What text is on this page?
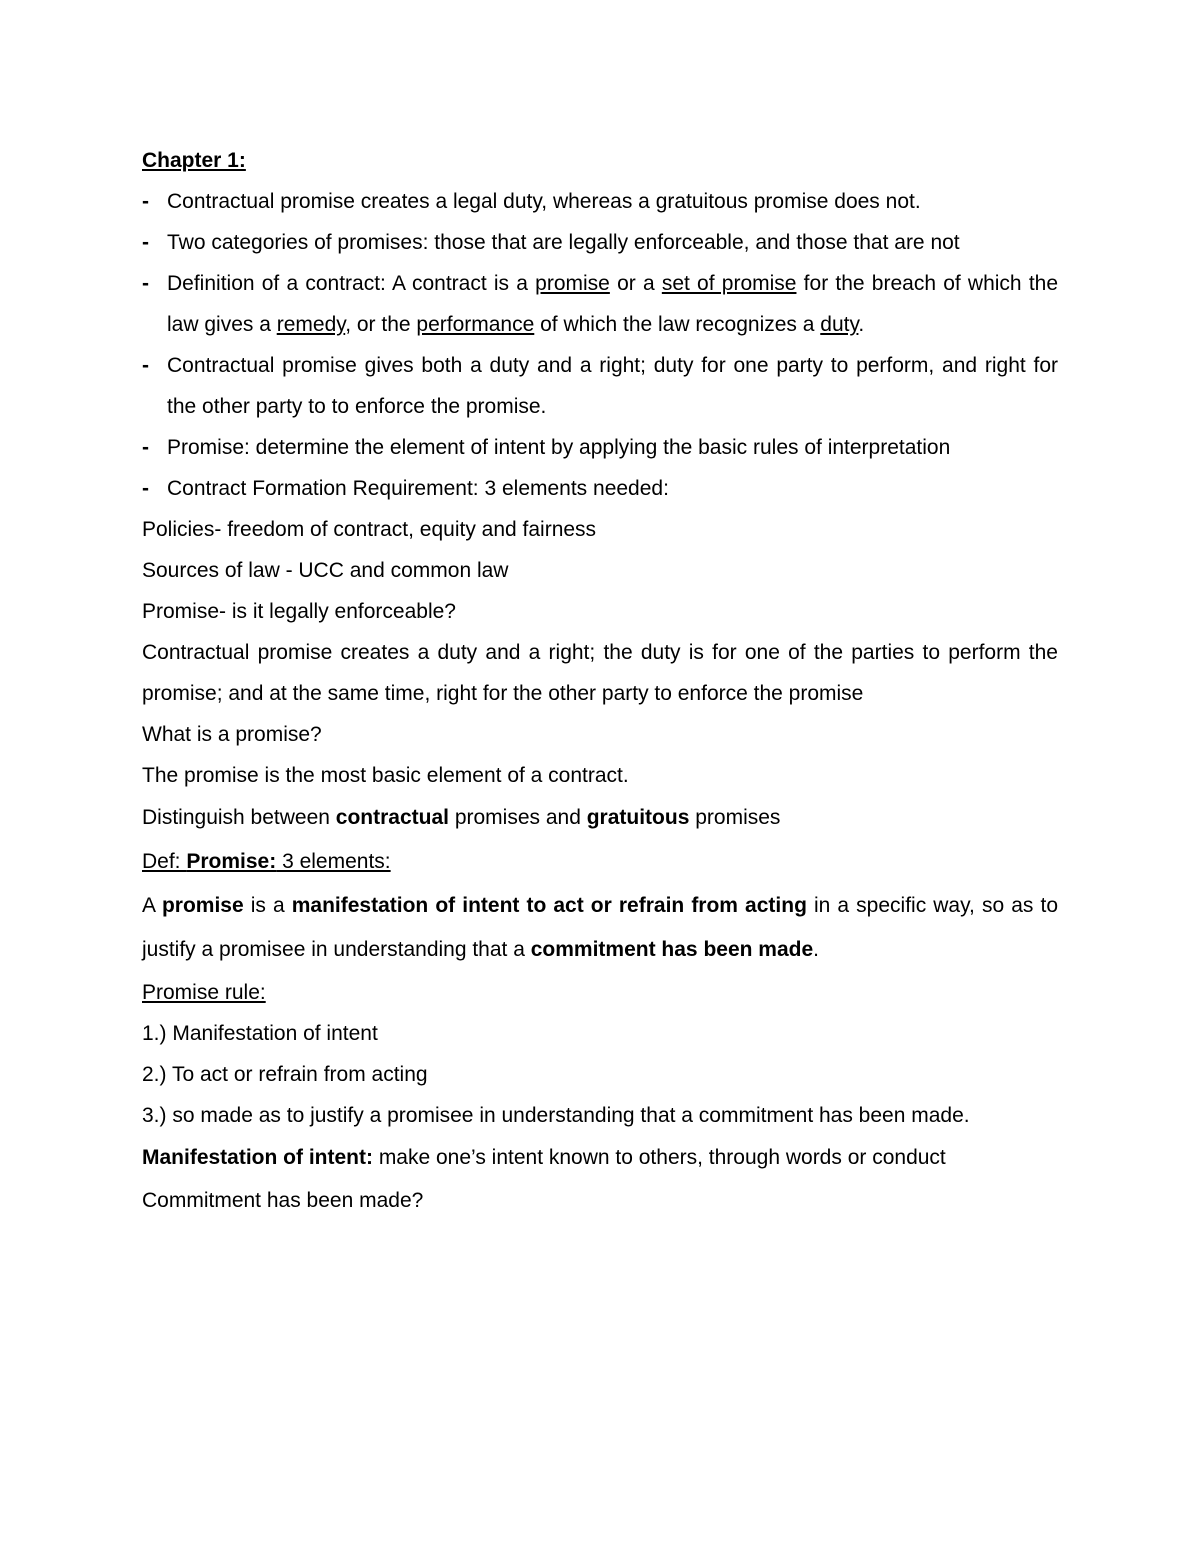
Chapter 1:

- Contractual promise creates a legal duty, whereas a gratuitous promise does not.
- Two categories of promises: those that are legally enforceable, and those that are not
- Definition of a contract: A contract is a promise or a set of promise for the breach of which the law gives a remedy, or the performance of which the law recognizes a duty.
- Contractual promise gives both a duty and a right; duty for one party to perform, and right for the other party to to enforce the promise.
- Promise: determine the element of intent by applying the basic rules of interpretation
- Contract Formation Requirement: 3 elements needed:

Policies- freedom of contract, equity and fairness

Sources of law - UCC and common law

Promise- is it legally enforceable?

Contractual promise creates a duty and a right; the duty is for one of the parties to perform the promise; and at the same time, right for the other party to enforce the promise

What is a promise?

The promise is the most basic element of a contract.

Distinguish between contractual promises and gratuitous promises

Def: Promise: 3 elements:

A promise is a manifestation of intent to act or refrain from acting in a specific way, so as to justify a promisee in understanding that a commitment has been made.

Promise rule:

1.) Manifestation of intent

2.) To act or refrain from acting

3.) so made as to justify a promisee in understanding that a commitment has been made.

Manifestation of intent: make one’s intent known to others, through words or conduct

Commitment has been made?
